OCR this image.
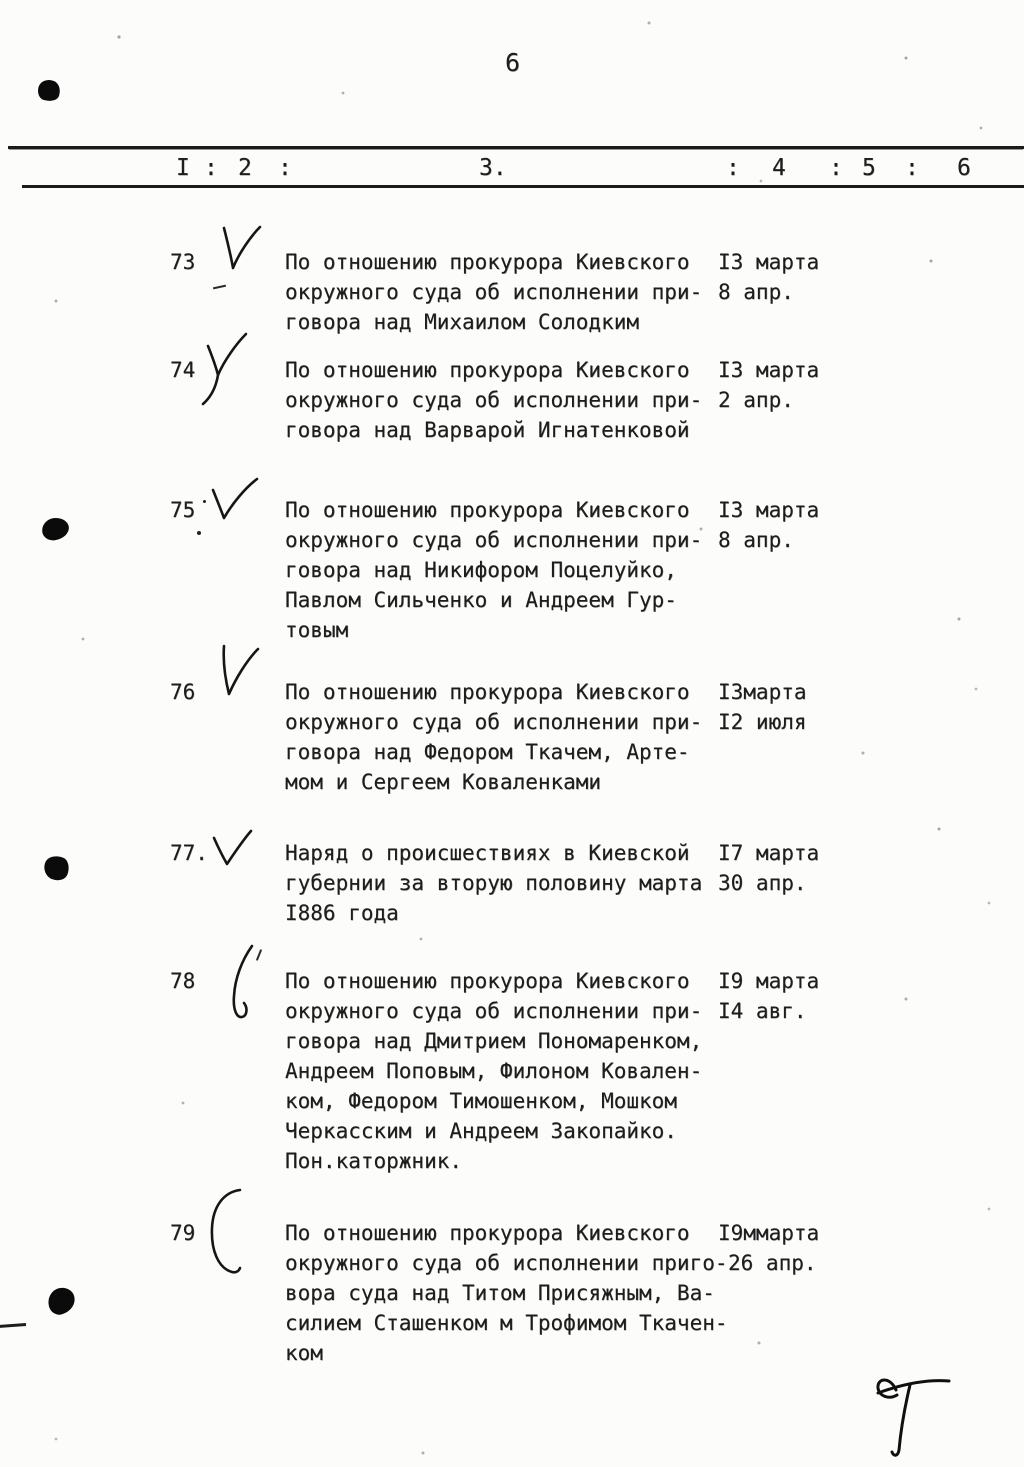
6
I : 2 :	3.	: 4 : 5 : 6
73	По отношению прокурора Киевского I3 марта
окружного суда об исполнении при- 8 апр.
говора над Михаилом Солодким
74	По отношению прокурора Киевского I3 марта
окружного суда об исполнении при- 2 апр.
говора над Варварой Игнатенковой
75	По отношению прокурора Киевского I3 марта
окружного суда об исполнении при- 8 апр.
говора над Никифором Поцелуйко,
Павлом Сильченко и Андреем Гур-
товым
76	По отношению прокурора Киевского I3марта
окружного суда об исполнении при- I2 июля
говора над Федором Ткачем, Арте-
мом и Сергеем Коваленками
77.	Наряд о происшествиях в Киевской I7 марта
губернии за вторую половину марта 30 апр.
I886 года
78	По отношению прокурора Киевского I9 марта
окружного суда об исполнении при- I4 авг.
говора над Дмитрием Пономаренком,
Андреем Поповым, Филоном Ковален-
ком, Федором Тимошенком, Мошком
Черкасским и Андреем Закопайко.
Пон.каторжник.
79	По отношению прокурора Киевского I9ммарта
окружного суда об исполнении приго- 26 апр.
вора суда над Титом Присяжным, Ва-
силием Сташенком м Трофимом Ткачен-
ком
